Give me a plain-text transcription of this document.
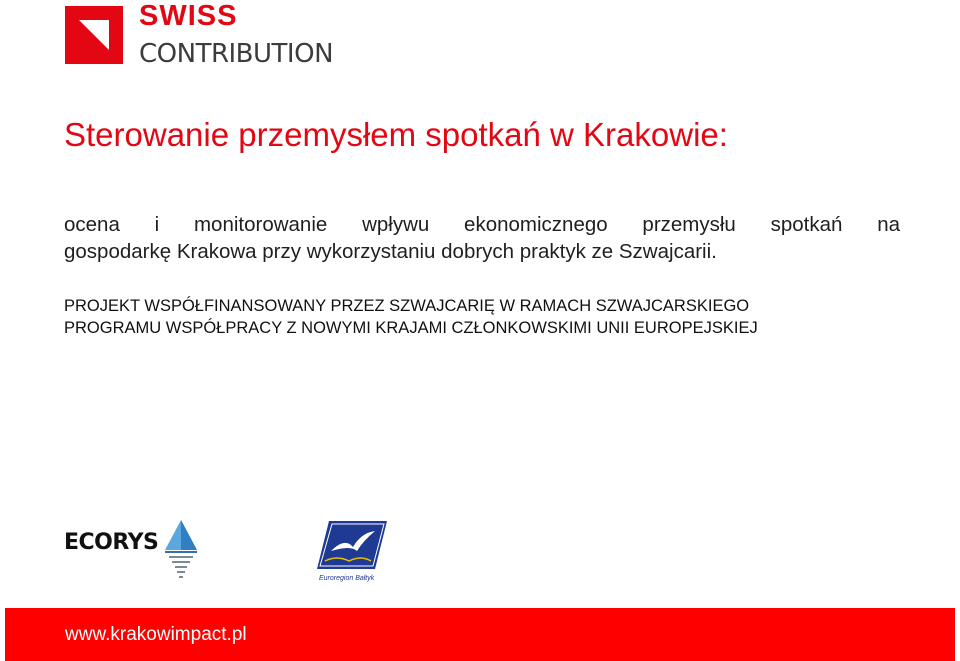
SWISS
CONTRIBUTION
Sterowanie przemysłem spotkań w Krakowie:
ocena i monitorowanie wpływu ekonomicznego przemysłu spotkań na
gospodarkę Krakowa przy wykorzystaniu dobrych praktyk ze Szwajcarii.
PROJEKT WSPÓŁFINANSOWANY PRZEZ SZWAJCARIĘ W RAMACH SZWAJCARSKIEGO
PROGRAMU WSPÓŁPRACY Z NOWYMI KRAJAMI CZŁONKOWSKIMI UNII EUROPEJSKIEJ
ECORYS
Euroregion Bałtyk
www.krakowimpact.pl
